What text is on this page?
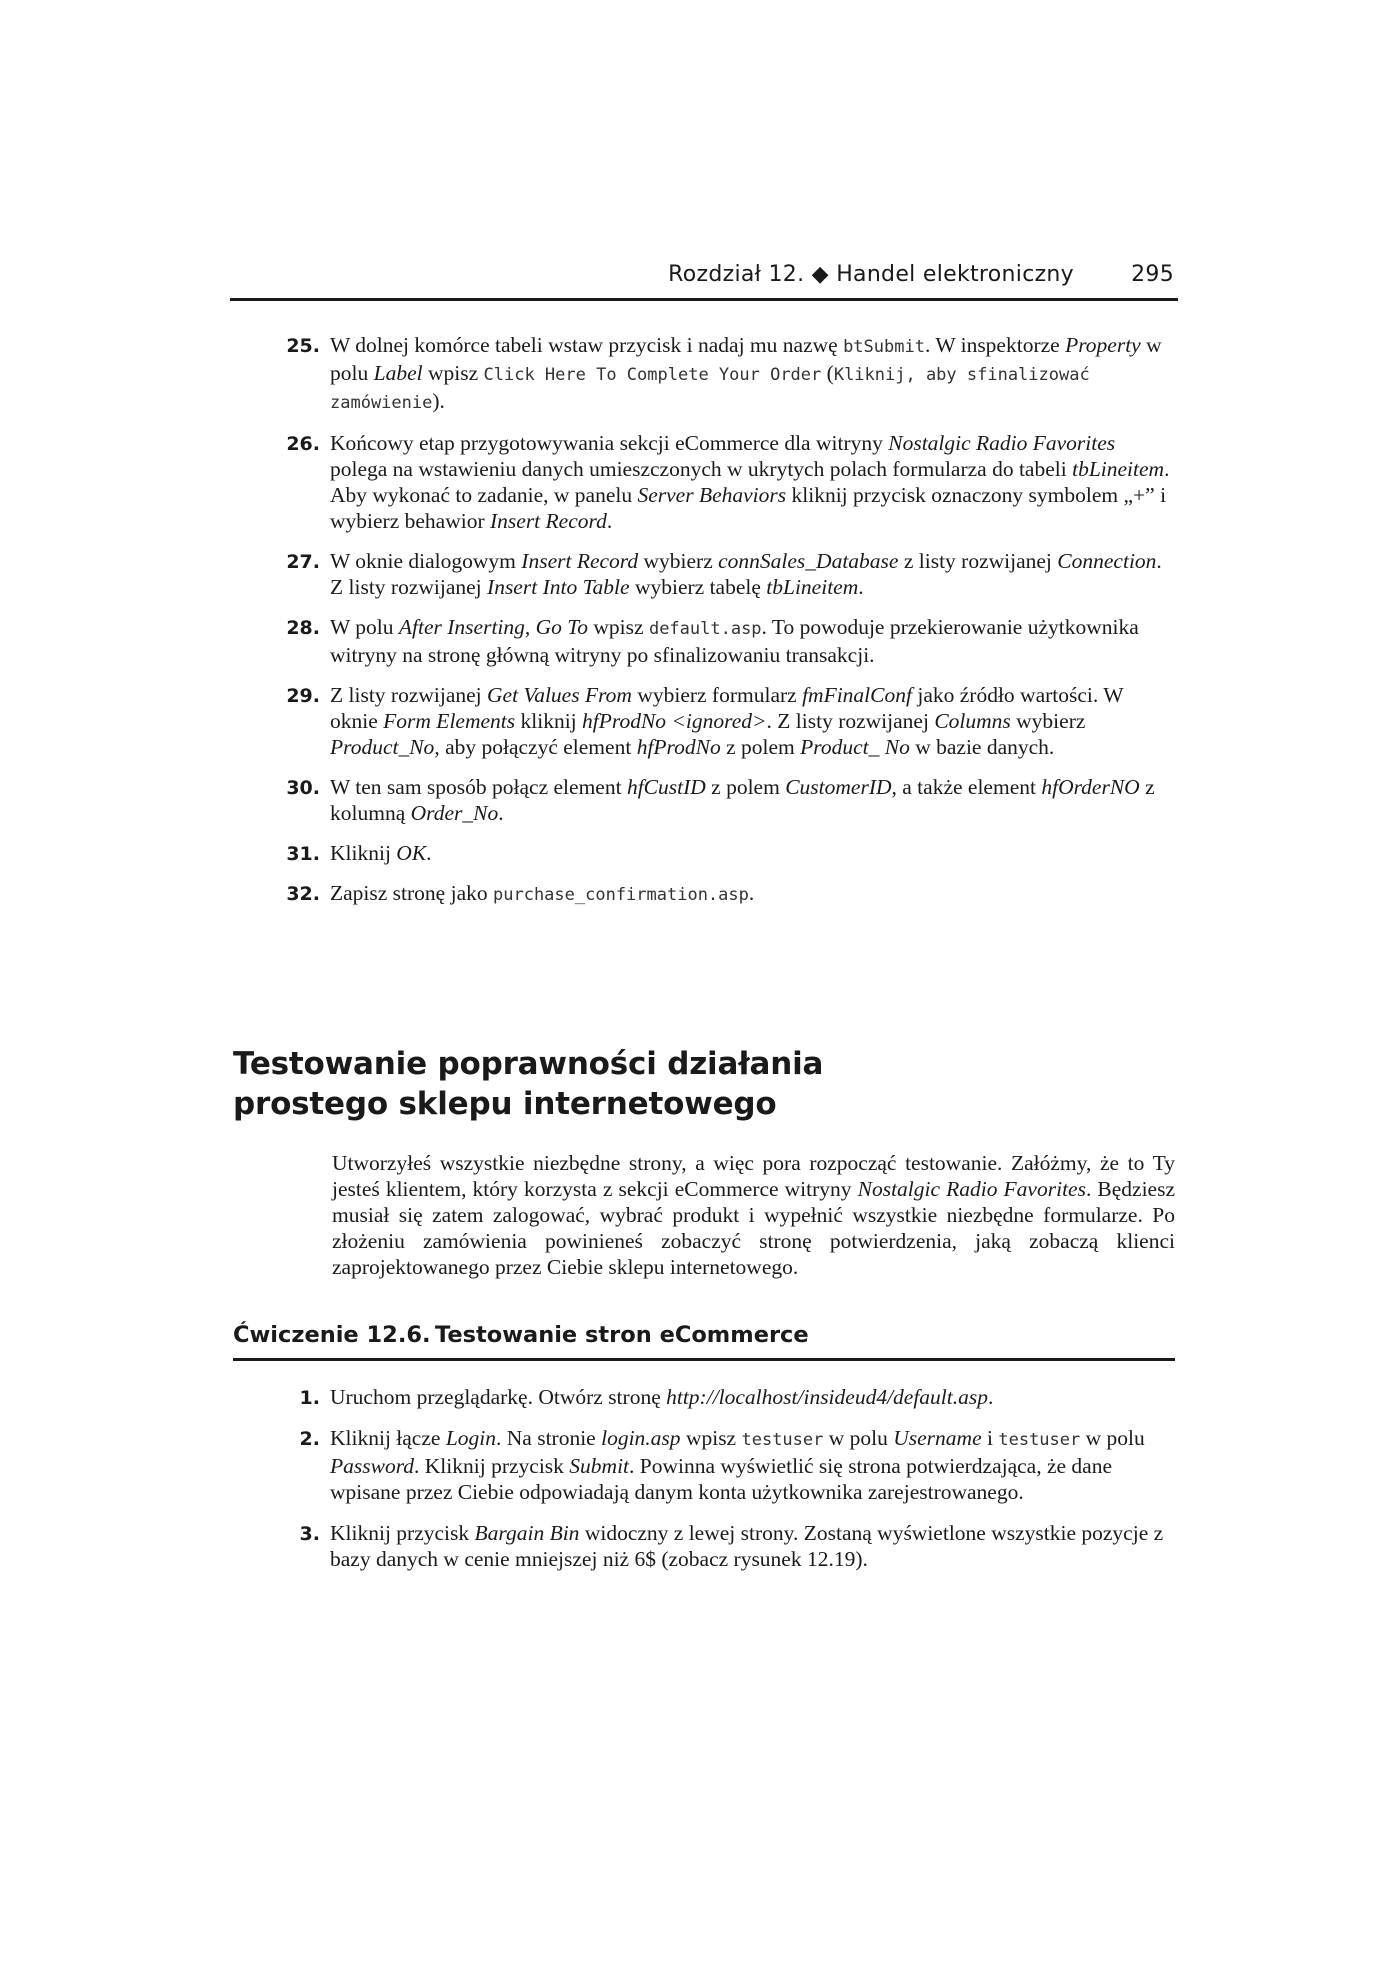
Rozdział 12. ◆ Handel elektroniczny	295
25. W dolnej komórce tabeli wstaw przycisk i nadaj mu nazwę btSubmit. W inspektorze Property w polu Label wpisz Click Here To Complete Your Order (Kliknij, aby sfinalizować zamówienie).
26. Końcowy etap przygotowywania sekcji eCommerce dla witryny Nostalgic Radio Favorites polega na wstawieniu danych umieszczonych w ukrytych polach formularza do tabeli tbLineitem. Aby wykonać to zadanie, w panelu Server Behaviors kliknij przycisk oznaczony symbolem „+” i wybierz behawior Insert Record.
27. W oknie dialogowym Insert Record wybierz connSales_Database z listy rozwijanej Connection. Z listy rozwijanej Insert Into Table wybierz tabelę tbLineitem.
28. W polu After Inserting, Go To wpisz default.asp. To powoduje przekierowanie użytkownika witryny na stronę główną witryny po sfinalizowaniu transakcji.
29. Z listy rozwijanej Get Values From wybierz formularz fmFinalConf jako źródło wartości. W oknie Form Elements kliknij hfProdNo <ignored>. Z listy rozwijanej Columns wybierz Product_No, aby połączyć element hfProdNo z polem Product_ No w bazie danych.
30. W ten sam sposób połącz element hfCustID z polem CustomerID, a także element hfOrderNO z kolumną Order_No.
31. Kliknij OK.
32. Zapisz stronę jako purchase_confirmation.asp.
Testowanie poprawności działania
prostego sklepu internetowego

Utworzyłeś wszystkie niezbędne strony, a więc pora rozpocząć testowanie. Załóżmy, że to Ty jesteś klientem, który korzysta z sekcji eCommerce witryny Nostalgic Radio Favorites. Będziesz musiał się zatem zalogować, wybrać produkt i wypełnić wszystkie niezbędne formularze. Po złożeniu zamówienia powinieneś zobaczyć stronę potwierdzenia, jaką zobaczą klienci zaprojektowanego przez Ciebie sklepu internetowego.

Ćwiczenie 12.6. Testowanie stron eCommerce
1. Uruchom przeglądarkę. Otwórz stronę http://localhost/insideud4/default.asp.
2. Kliknij łącze Login. Na stronie login.asp wpisz testuser w polu Username i testuser w polu Password. Kliknij przycisk Submit. Powinna wyświetlić się strona potwierdzająca, że dane wpisane przez Ciebie odpowiadają danym konta użytkownika zarejestrowanego.
3. Kliknij przycisk Bargain Bin widoczny z lewej strony. Zostaną wyświetlone wszystkie pozycje z bazy danych w cenie mniejszej niż 6$ (zobacz rysunek 12.19).
